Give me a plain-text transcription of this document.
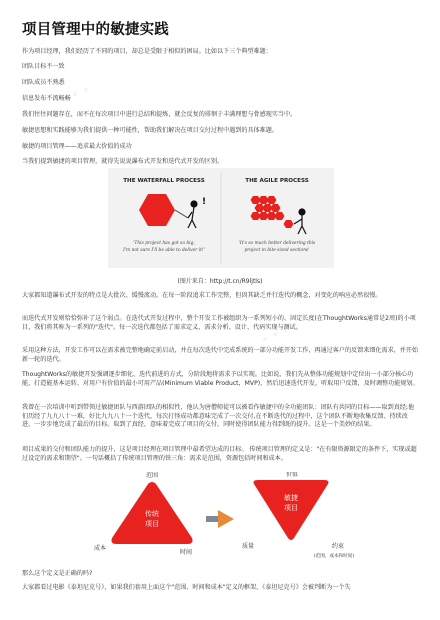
✦ ✦ ✦
✦ ✦ ✦
项目管理中的敏捷实践
作为项目经理，我们经历了不同的项目，却总是受限于相似的困局。比如以下三个典型难题：
团队目标不一致
团队成员不熟悉
信息发布不流畅畅
我们往往问题存在，而不在每次项目中进行总结和提炼，就会反复的徘徊于丰满理想与骨感现实当中。
敏捷思想和实践能够为我们提供一种可能性，帮助我们解决在项目交付过程中遇到的具体难题。
敏捷的项目管理——追求最大价值的成功
当我们提到敏捷的项目管理，就得先说说瀑布式开发和迭代式开发的区别。
THE WATERFALL PROCESS	THE AGILE PROCESS
!
'This project has got so big,
I'm not sure I'll be able to deliver it!'
'It's so much better delivering this
project in bite-sized sections'
(图片来自：http://t.cn/R9ljtls)

大家都知道瀑布式开发的特点是大批次、缓慢流动。在每一阶段追求工作完整，但因其缺乏并行迭代的概念，对变化的响应必然很慢。

而迭代式开发则恰恰弥补了这个弱点。在迭代式开发过程中，整个开发工作被组织为一系列短小的、固定长度(在ThoughtWorks通常是2周)的小项目，我们将其称为一系列的"迭代"。每一次迭代都包括了需求定义、需求分析、设计、代码实现与测试。

采用这种方法，开发工作可以在需求被完整地确定前启动，并在每次迭代中完成系统的一部分功能开发工作，再通过客户的反馈来细化需求，并开始新一轮的迭代。

ThoughtWorks的敏捷开发强调逐步细化、迭代前进的方式，分阶段地将需求予以实现。比如说，我们先从整体功能规划中定位出一小部分核心功能，打造能基本运转、对用户有价值的最小可用产品(Minimum Viable Product，MVP)，然后迅速迭代开发，听取用户反馈，及时调整功能规划。

我曾在一次培训中听到带领过敏捷团队与西游团队的相似性，他认为唐僧师徒可以被看作敏捷中的全功能团队：团队有共同的目标——取到真经;他们历经了九九八十一难，好比九九八十一个迭代，每次打怪成功都意味完成了一次交付,在不断迭代的过程中，这个团队不断地收集反馈、持续改进，一步步地完成了最后的目标。取到了真经，意味着完成了项目的交付，同时使得团队能力得到既的提升。这是一个美妙的结果。

项目成果的交付和团队能力的提升，这是项目经理在项目管理中最希望达成的目标。 传统项目管理的定义是："在有限资源限定的条件下，实现或超过设定的需求和期望"。一句话概括了传统项目管理的铁三角：需求是范围，资源包括时间和成本。

范围
传统
项目
成本
时间
价值
敏捷
项目
质量	约束
(范围，成本和时间)
那么这个定义是正确的吗?

大家都看过电影《泰坦尼克号》，如果我们套用上面这个"范围、时间和成本"定义的框架，《泰坦尼克号》会被判断为一个失
